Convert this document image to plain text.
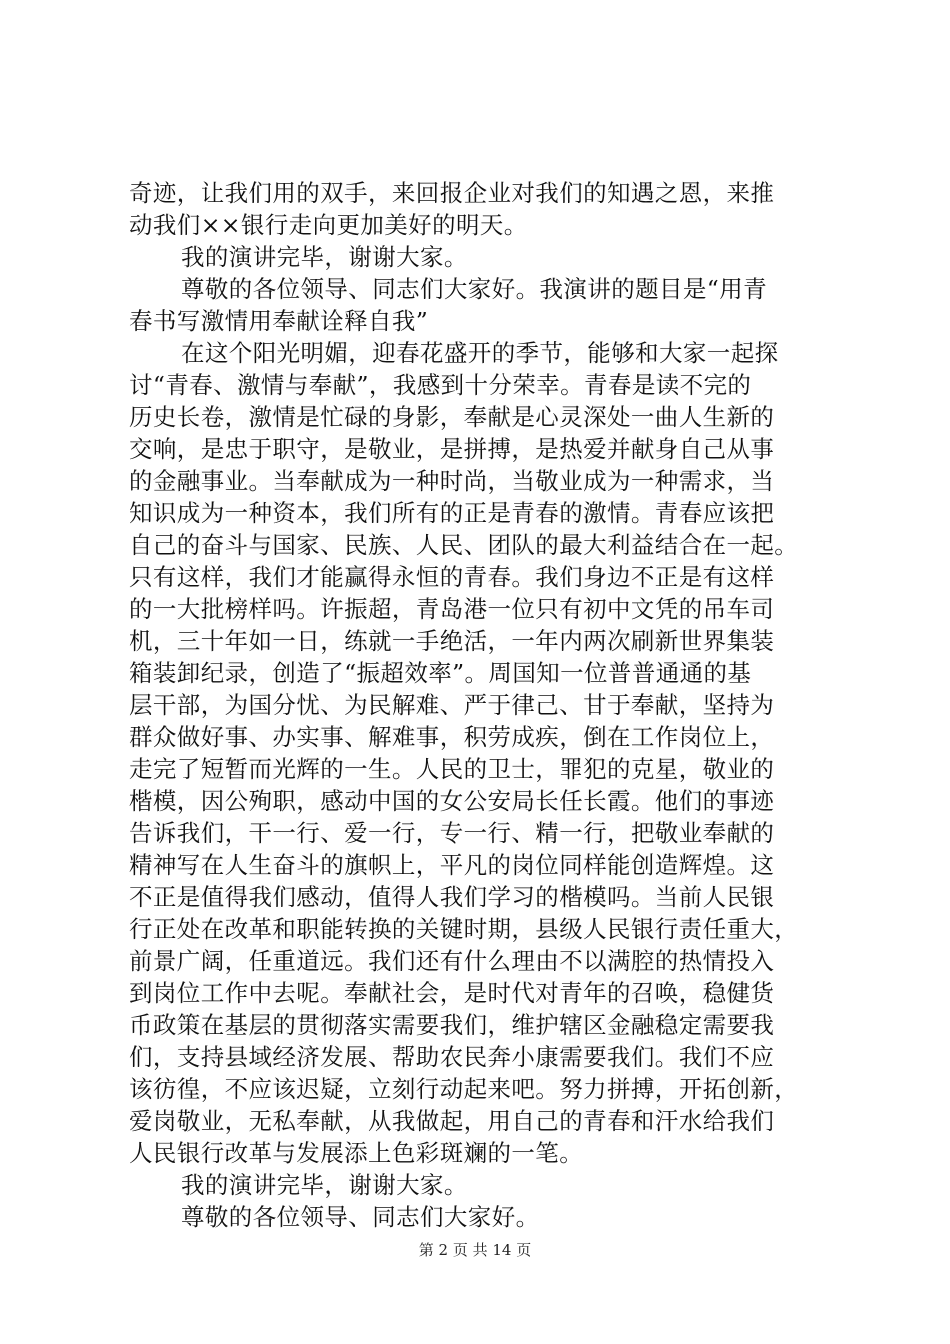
奇迹，让我们用的双手，来回报企业对我们的知遇之恩，来推
动我们××银行走向更加美好的明天。
我的演讲完毕，谢谢大家。
尊敬的各位领导、同志们大家好。我演讲的题目是“用青
春书写激情用奉献诠释自我”
在这个阳光明媚，迎春花盛开的季节，能够和大家一起探
讨“青春、激情与奉献”，我感到十分荣幸。青春是读不完的
历史长卷，激情是忙碌的身影，奉献是心灵深处一曲人生新的
交响，是忠于职守，是敬业，是拼搏，是热爱并献身自己从事
的金融事业。当奉献成为一种时尚，当敬业成为一种需求，当
知识成为一种资本，我们所有的正是青春的激情。青春应该把
自己的奋斗与国家、民族、人民、团队的最大利益结合在一起。
只有这样，我们才能赢得永恒的青春。我们身边不正是有这样
的一大批榜样吗。许振超，青岛港一位只有初中文凭的吊车司
机，三十年如一日，练就一手绝活，一年内两次刷新世界集装
箱装卸纪录，创造了“振超效率”。周国知一位普普通通的基
层干部，为国分忧、为民解难、严于律己、甘于奉献，坚持为
群众做好事、办实事、解难事，积劳成疾，倒在工作岗位上，
走完了短暂而光辉的一生。人民的卫士，罪犯的克星，敬业的
楷模，因公殉职，感动中国的女公安局长任长霞。他们的事迹
告诉我们，干一行、爱一行，专一行、精一行，把敬业奉献的
精神写在人生奋斗的旗帜上，平凡的岗位同样能创造辉煌。这
不正是值得我们感动，值得人我们学习的楷模吗。当前人民银
行正处在改革和职能转换的关键时期，县级人民银行责任重大，
前景广阔，任重道远。我们还有什么理由不以满腔的热情投入
到岗位工作中去呢。奉献社会，是时代对青年的召唤，稳健货
币政策在基层的贯彻落实需要我们，维护辖区金融稳定需要我
们，支持县域经济发展、帮助农民奔小康需要我们。我们不应
该彷徨，不应该迟疑，立刻行动起来吧。努力拼搏，开拓创新，
爱岗敬业，无私奉献，从我做起，用自己的青春和汗水给我们
人民银行改革与发展添上色彩斑斓的一笔。
我的演讲完毕，谢谢大家。
尊敬的各位领导、同志们大家好。
第 2 页 共 14 页
